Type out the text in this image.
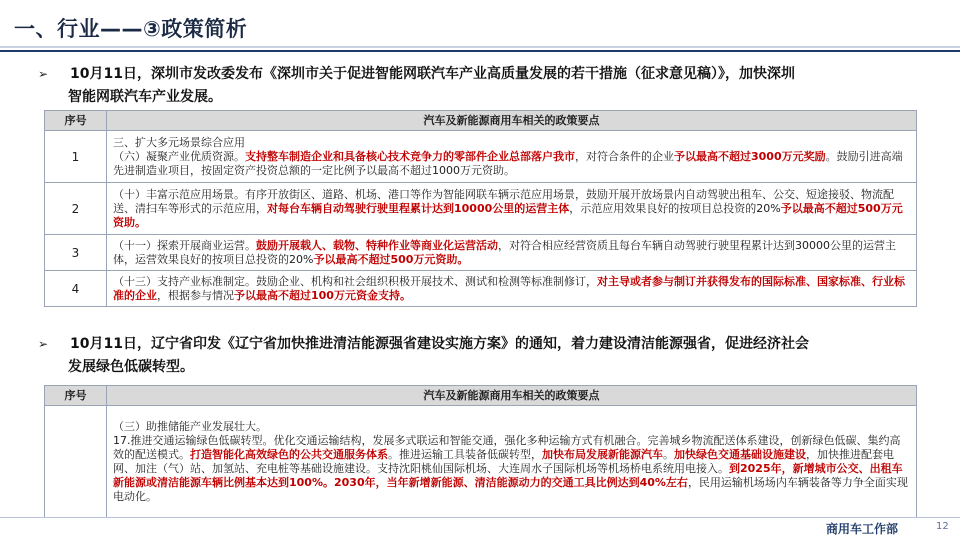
一、行业——③政策简析
➢ 10月11日，深圳市发改委发布《深圳市关于促进智能网联汽车产业高质量发展的若干措施（征求意见稿）》，加快深圳
智能网联汽车产业发展。
序号	汽车及新能源商用车相关的政策要点
1	三、扩大多元场景综合应用
（六）凝聚产业优质资源。支持整车制造企业和具备核心技术竞争力的零部件企业总部落户我市，对符合条件的企业予以最高不超过3000万元奖励。鼓励引进高端先进制造业项目，按固定资产投资总额的一定比例予以最高不超过1000万元资助。
2	（十）丰富示范应用场景。有序开放街区、道路、机场、港口等作为智能网联车辆示范应用场景，鼓励开展开放场景内自动驾驶出租车、公交、短途接驳、物流配送、清扫车等形式的示范应用，对每台车辆自动驾驶行驶里程累计达到10000公里的运营主体，示范应用效果良好的按项目总投资的20%予以最高不超过500万元资助。
3	（十一）探索开展商业运营。鼓励开展载人、载物、特种作业等商业化运营活动，对符合相应经营资质且每台车辆自动驾驶行驶里程累计达到30000公里的运营主体，运营效果良好的按项目总投资的20%予以最高不超过500万元资助。
4	（十三）支持产业标准制定。鼓励企业、机构和社会组织积极开展技术、测试和检测等标准制修订，对主导或者参与制订并获得发布的国际标准、国家标准、行业标准的企业，根据参与情况予以最高不超过100万元资金支持。
➢ 10月11日，辽宁省印发《辽宁省加快推进清洁能源强省建设实施方案》的通知，着力建设清洁能源强省，促进经济社会
发展绿色低碳转型。
序号	汽车及新能源商用车相关的政策要点
	（三）助推储能产业发展壮大。
17.推进交通运输绿色低碳转型。优化交通运输结构，发展多式联运和智能交通，强化多种运输方式有机融合。完善城乡物流配送体系建设，创新绿色低碳、集约高效的配送模式。打造智能化高效绿色的公共交通服务体系。推进运输工具装备低碳转型，加快布局发展新能源汽车。加快绿色交通基础设施建设，加快推进配套电网、加注（气）站、加氢站、充电桩等基础设施建设。支持沈阳桃仙国际机场、大连周水子国际机场等机场桥电系统用电接入。到2025年，新增城市公交、出租车新能源或清洁能源车辆比例基本达到100%。2030年，当年新增新能源、清洁能源动力的交通工具比例达到40%左右，民用运输机场场内车辆装备等力争全面实现电动化。
商用车工作部	12
